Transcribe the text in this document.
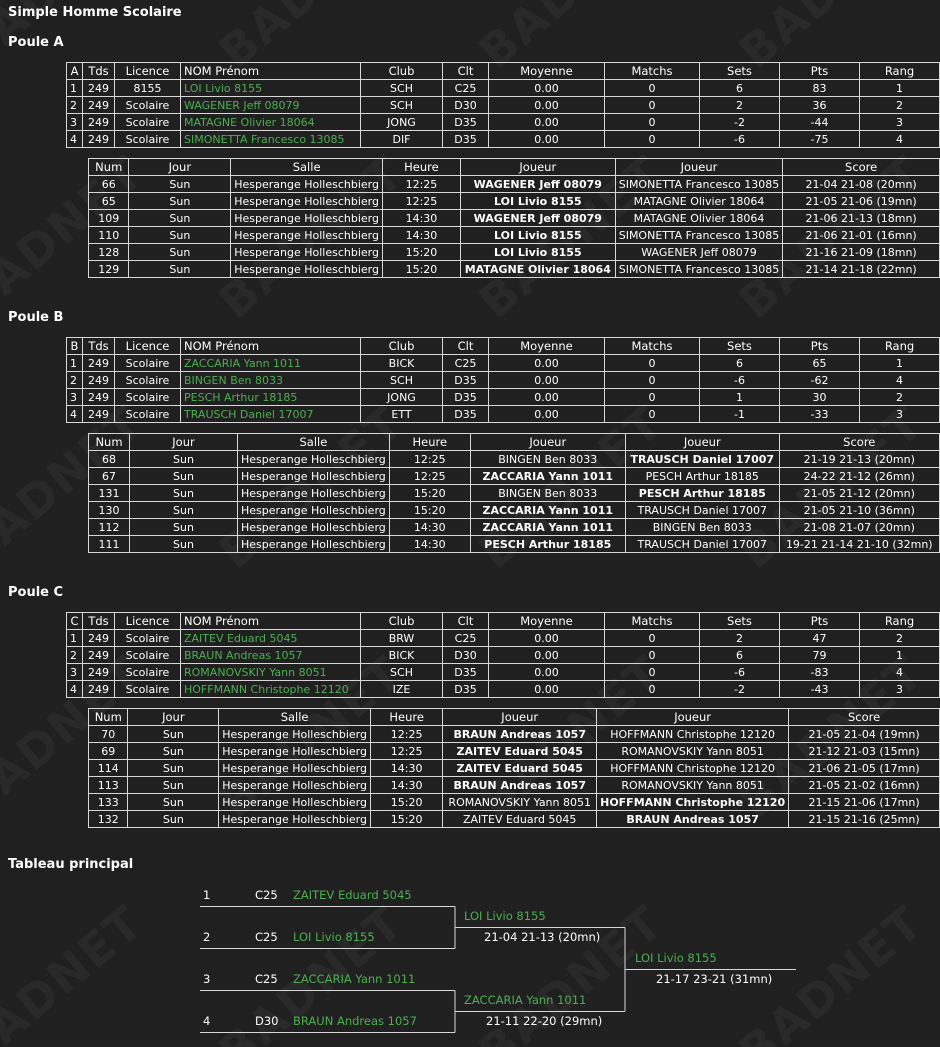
Simple Homme Scolaire
Poule A
A	Tds	Licence	NOM Prénom	Club	Clt	Moyenne	Matchs	Sets	Pts	Rang
1	249	8155	LOI Livio 8155	SCH	C25	0.00	0	6	83	1
2	249	Scolaire	WAGENER Jeff 08079	SCH	D30	0.00	0	2	36	2
3	249	Scolaire	MATAGNE Olivier 18064	JONG	D35	0.00	0	-2	-44	3
4	249	Scolaire	SIMONETTA Francesco 13085	DIF	D35	0.00	0	-6	-75	4
Num	Jour	Salle	Heure	Joueur	Joueur	Score
66	Sun	Hesperange Holleschbierg	12:25	WAGENER Jeff 08079	SIMONETTA Francesco 13085	21-04 21-08 (20mn)
65	Sun	Hesperange Holleschbierg	12:25	LOI Livio 8155	MATAGNE Olivier 18064	21-05 21-06 (19mn)
109	Sun	Hesperange Holleschbierg	14:30	WAGENER Jeff 08079	MATAGNE Olivier 18064	21-06 21-13 (18mn)
110	Sun	Hesperange Holleschbierg	14:30	LOI Livio 8155	SIMONETTA Francesco 13085	21-06 21-01 (16mn)
128	Sun	Hesperange Holleschbierg	15:20	LOI Livio 8155	WAGENER Jeff 08079	21-16 21-09 (18mn)
129	Sun	Hesperange Holleschbierg	15:20	MATAGNE Olivier 18064	SIMONETTA Francesco 13085	21-14 21-18 (22mn)
Poule B
B	Tds	Licence	NOM Prénom	Club	Clt	Moyenne	Matchs	Sets	Pts	Rang
1	249	Scolaire	ZACCARIA Yann 1011	BICK	C25	0.00	0	6	65	1
2	249	Scolaire	BINGEN Ben 8033	SCH	D35	0.00	0	-6	-62	4
3	249	Scolaire	PESCH Arthur 18185	JONG	D35	0.00	0	1	30	2
4	249	Scolaire	TRAUSCH Daniel 17007	ETT	D35	0.00	0	-1	-33	3
Num	Jour	Salle	Heure	Joueur	Joueur	Score
68	Sun	Hesperange Holleschbierg	12:25	BINGEN Ben 8033	TRAUSCH Daniel 17007	21-19 21-13 (20mn)
67	Sun	Hesperange Holleschbierg	12:25	ZACCARIA Yann 1011	PESCH Arthur 18185	24-22 21-12 (26mn)
131	Sun	Hesperange Holleschbierg	15:20	BINGEN Ben 8033	PESCH Arthur 18185	21-05 21-12 (20mn)
130	Sun	Hesperange Holleschbierg	15:20	ZACCARIA Yann 1011	TRAUSCH Daniel 17007	21-05 21-10 (36mn)
112	Sun	Hesperange Holleschbierg	14:30	ZACCARIA Yann 1011	BINGEN Ben 8033	21-08 21-07 (20mn)
111	Sun	Hesperange Holleschbierg	14:30	PESCH Arthur 18185	TRAUSCH Daniel 17007	19-21 21-14 21-10 (32mn)
Poule C
C	Tds	Licence	NOM Prénom	Club	Clt	Moyenne	Matchs	Sets	Pts	Rang
1	249	Scolaire	ZAITEV Eduard 5045	BRW	C25	0.00	0	2	47	2
2	249	Scolaire	BRAUN Andreas 1057	BICK	D30	0.00	0	6	79	1
3	249	Scolaire	ROMANOVSKIY Yann 8051	SCH	D35	0.00	0	-6	-83	4
4	249	Scolaire	HOFFMANN Christophe 12120	IZE	D35	0.00	0	-2	-43	3
Num	Jour	Salle	Heure	Joueur	Joueur	Score
70	Sun	Hesperange Holleschbierg	12:25	BRAUN Andreas 1057	HOFFMANN Christophe 12120	21-05 21-04 (19mn)
69	Sun	Hesperange Holleschbierg	12:25	ZAITEV Eduard 5045	ROMANOVSKIY Yann 8051	21-12 21-03 (15mn)
114	Sun	Hesperange Holleschbierg	14:30	ZAITEV Eduard 5045	HOFFMANN Christophe 12120	21-06 21-05 (17mn)
113	Sun	Hesperange Holleschbierg	14:30	BRAUN Andreas 1057	ROMANOVSKIY Yann 8051	21-05 21-02 (16mn)
133	Sun	Hesperange Holleschbierg	15:20	ROMANOVSKIY Yann 8051	HOFFMANN Christophe 12120	21-15 21-06 (17mn)
132	Sun	Hesperange Holleschbierg	15:20	ZAITEV Eduard 5045	BRAUN Andreas 1057	21-15 21-16 (25mn)
Tableau principal
1	C25 ZAITEV Eduard 5045
2	C25 LOI Livio 8155
3	C25 ZACCARIA Yann 1011
4	D30 BRAUN Andreas 1057
LOI Livio 8155
21-04 21-13 (20mn)
ZACCARIA Yann 1011
21-11 22-20 (29mn)
LOI Livio 8155
21-17 23-21 (31mn)
